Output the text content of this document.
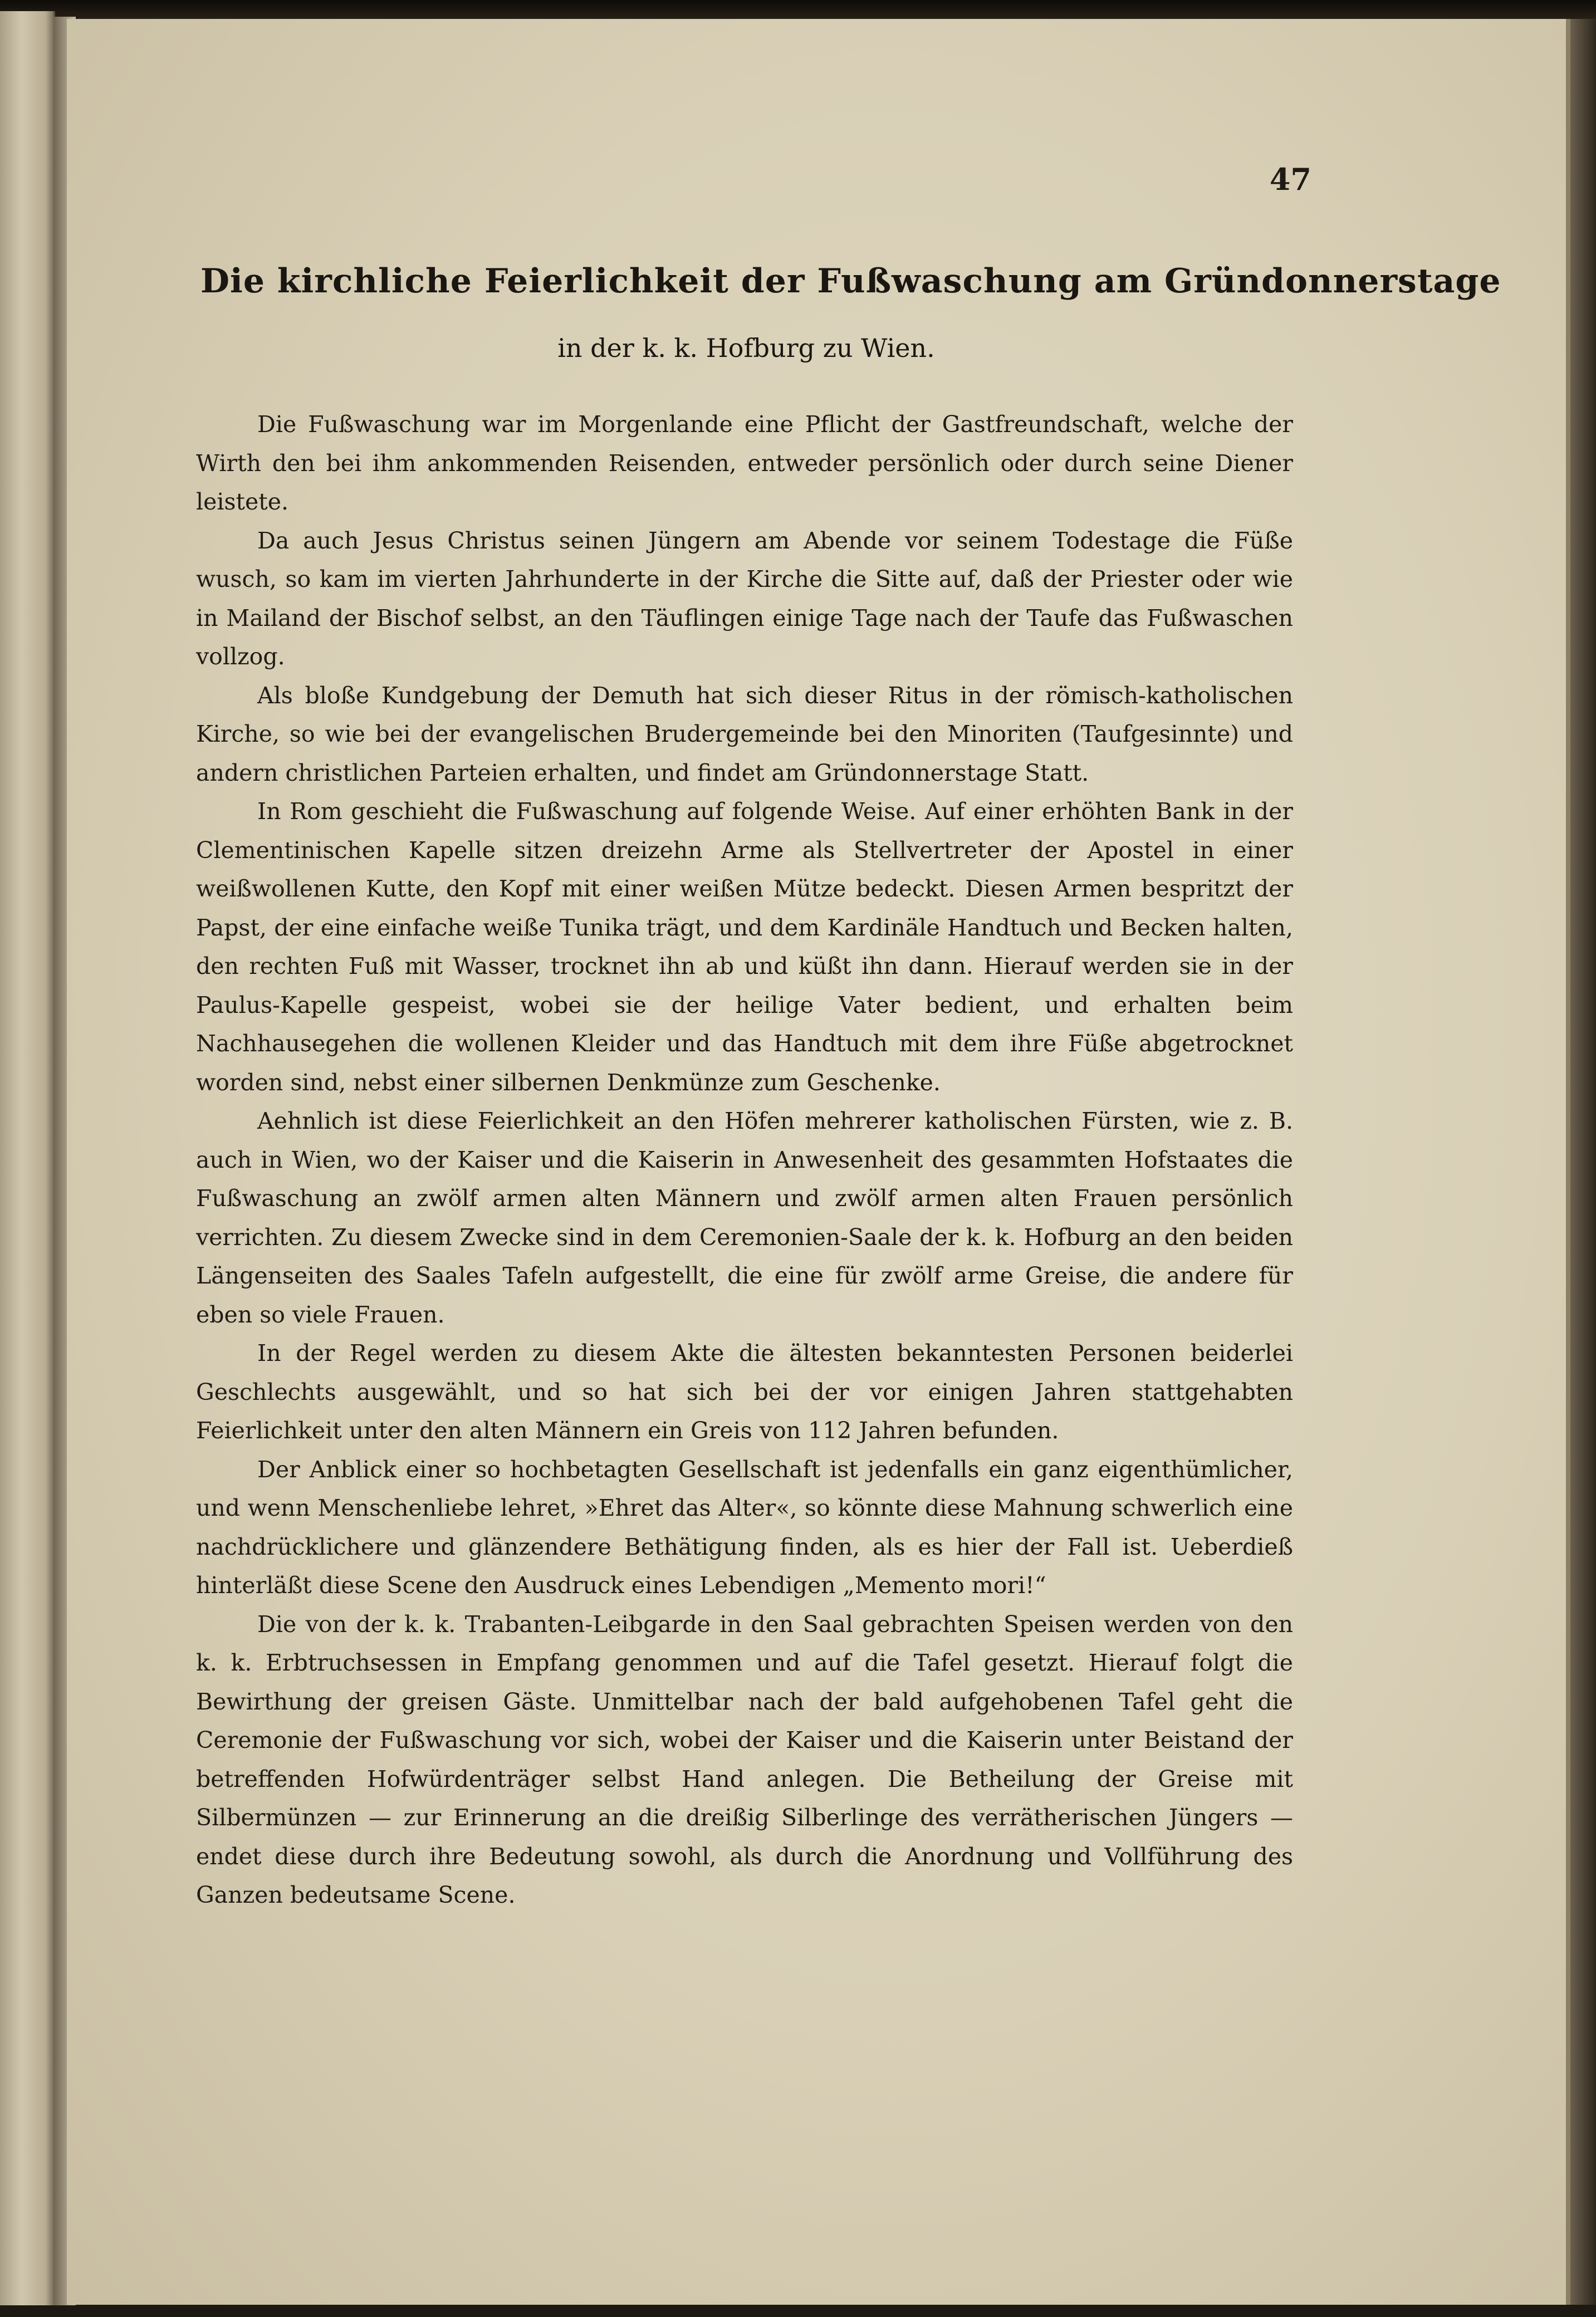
47
Die kirchliche Feierlichkeit der Fußwaschung am Gründonnerstage
in der k. k. Hofburg zu Wien.

Die Fußwaschung war im Morgenlande eine Pflicht der Gastfreundschaft, welche der Wirth den bei ihm ankommenden Reisenden, entweder persönlich oder durch seine Diener leistete.

Da auch Jesus Christus seinen Jüngern am Abende vor seinem Todestage die Füße wusch, so kam im vierten Jahrhunderte in der Kirche die Sitte auf, daß der Priester oder wie in Mailand der Bischof selbst, an den Täuflingen einige Tage nach der Taufe das Fußwaschen vollzog.

Als bloße Kundgebung der Demuth hat sich dieser Ritus in der römisch-katholischen Kirche, so wie bei der evangelischen Brudergemeinde bei den Minoriten (Taufgesinnte) und andern christlichen Parteien erhalten, und findet am Gründonnerstage Statt.

In Rom geschieht die Fußwaschung auf folgende Weise. Auf einer erhöhten Bank in der Clementinischen Kapelle sitzen dreizehn Arme als Stellvertreter der Apostel in einer weißwollenen Kutte, den Kopf mit einer weißen Mütze bedeckt. Diesen Armen bespritzt der Papst, der eine einfache weiße Tunika trägt, und dem Kardinäle Handtuch und Becken halten, den rechten Fuß mit Wasser, trocknet ihn ab und küßt ihn dann. Hierauf werden sie in der Paulus-Kapelle gespeist, wobei sie der heilige Vater bedient, und erhalten beim Nachhausegehen die wollenen Kleider und das Handtuch mit dem ihre Füße abgetrocknet worden sind, nebst einer silbernen Denkmünze zum Geschenke.

Aehnlich ist diese Feierlichkeit an den Höfen mehrerer katholischen Fürsten, wie z. B. auch in Wien, wo der Kaiser und die Kaiserin in Anwesenheit des gesammten Hofstaates die Fußwaschung an zwölf armen alten Männern und zwölf armen alten Frauen persönlich verrichten. Zu diesem Zwecke sind in dem Ceremonien-Saale der k. k. Hofburg an den beiden Längenseiten des Saales Tafeln aufgestellt, die eine für zwölf arme Greise, die andere für eben so viele Frauen.

In der Regel werden zu diesem Akte die ältesten bekanntesten Personen beiderlei Geschlechts ausgewählt, und so hat sich bei der vor einigen Jahren stattgehabten Feierlichkeit unter den alten Männern ein Greis von 112 Jahren befunden.

Der Anblick einer so hochbetagten Gesellschaft ist jedenfalls ein ganz eigenthümlicher, und wenn Menschenliebe lehret, »Ehret das Alter«, so könnte diese Mahnung schwerlich eine nachdrücklichere und glänzendere Bethätigung finden, als es hier der Fall ist. Ueberdieß hinterläßt diese Scene den Ausdruck eines Lebendigen „Memento mori!“

Die von der k. k. Trabanten-Leibgarde in den Saal gebrachten Speisen werden von den k. k. Erbtruchsessen in Empfang genommen und auf die Tafel gesetzt. Hierauf folgt die Bewirthung der greisen Gäste. Unmittelbar nach der bald aufgehobenen Tafel geht die Ceremonie der Fußwaschung vor sich, wobei der Kaiser und die Kaiserin unter Beistand der betreffenden Hofwürdenträger selbst Hand anlegen. Die Betheilung der Greise mit Silbermünzen — zur Erinnerung an die dreißig Silberlinge des verrätherischen Jüngers — endet diese durch ihre Bedeutung sowohl, als durch die Anordnung und Vollführung des Ganzen bedeutsame Scene.
